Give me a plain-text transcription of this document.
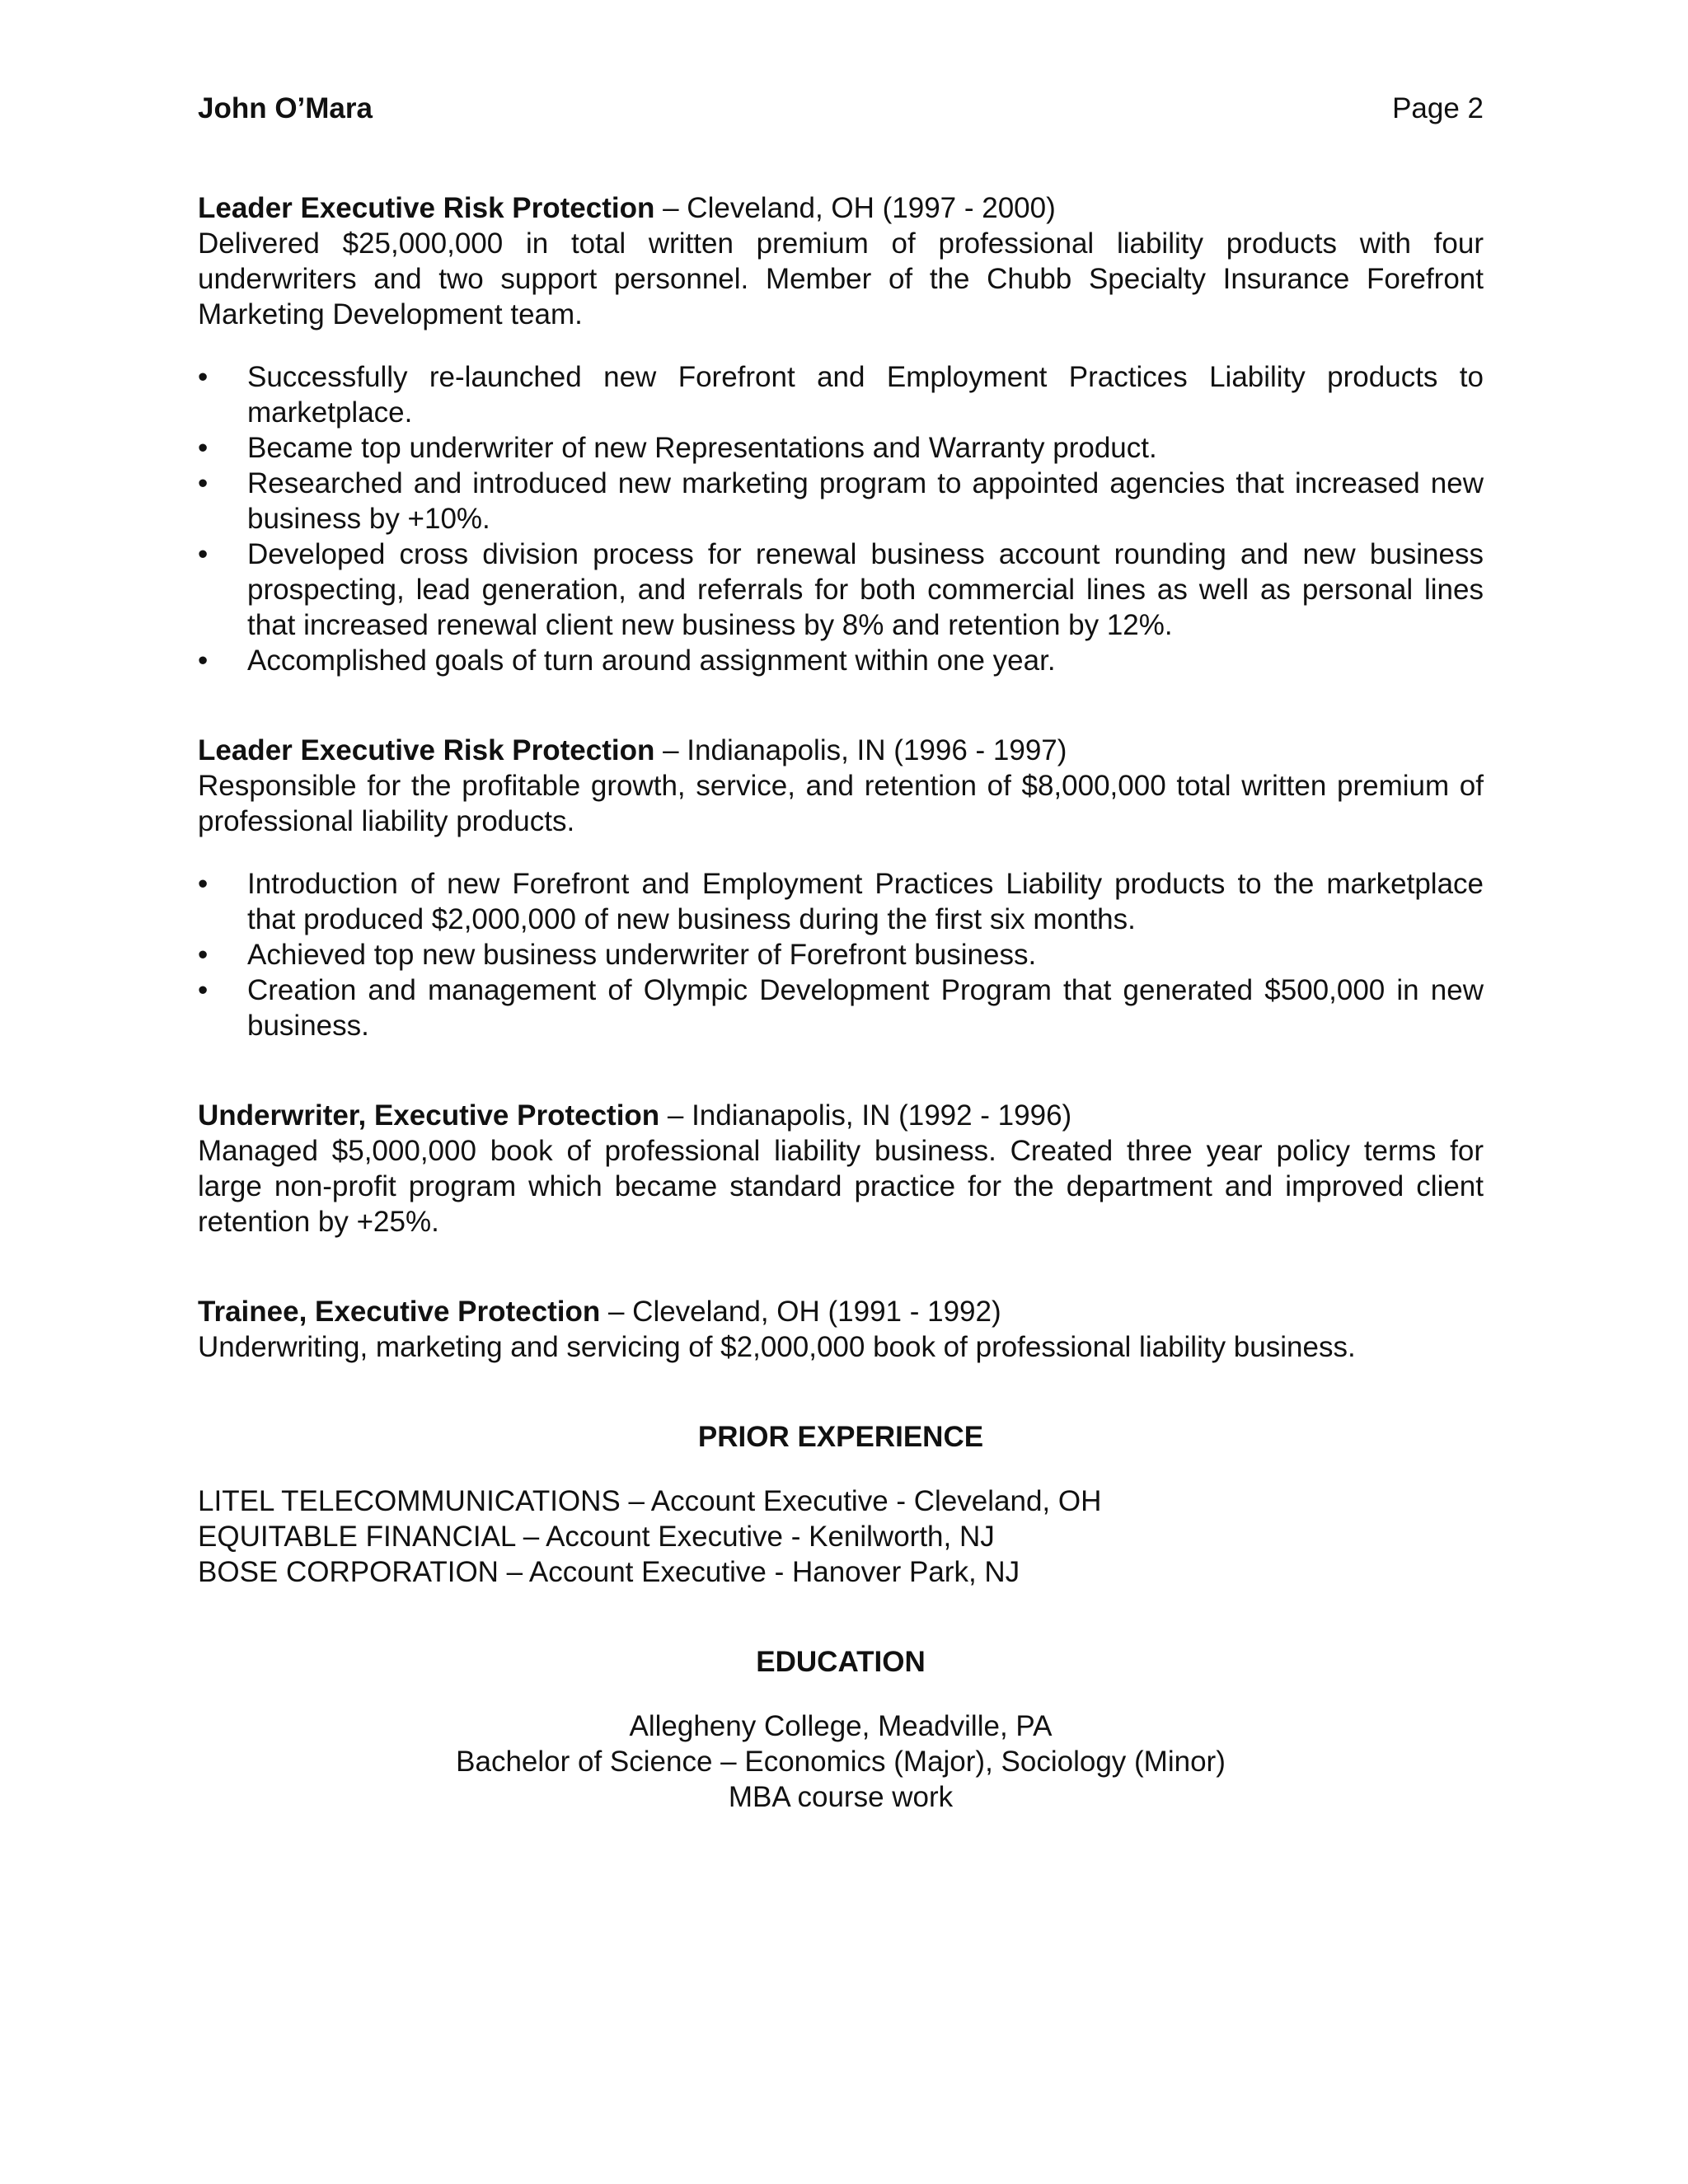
John O’Mara	Page 2
Leader Executive Risk Protection – Cleveland, OH (1997 - 2000)
Delivered $25,000,000 in total written premium of professional liability products with four underwriters and two support personnel. Member of the Chubb Specialty Insurance Forefront Marketing Development team.
• Successfully re-launched new Forefront and Employment Practices Liability products to marketplace.
• Became top underwriter of new Representations and Warranty product.
• Researched and introduced new marketing program to appointed agencies that increased new business by +10%.
• Developed cross division process for renewal business account rounding and new business prospecting, lead generation, and referrals for both commercial lines as well as personal lines that increased renewal client new business by 8% and retention by 12%.
• Accomplished goals of turn around assignment within one year.
Leader Executive Risk Protection – Indianapolis, IN (1996 - 1997)
Responsible for the profitable growth, service, and retention of $8,000,000 total written premium of professional liability products.
• Introduction of new Forefront and Employment Practices Liability products to the marketplace that produced $2,000,000 of new business during the first six months.
• Achieved top new business underwriter of Forefront business.
• Creation and management of Olympic Development Program that generated $500,000 in new business.
Underwriter, Executive Protection – Indianapolis, IN (1992 - 1996)
Managed $5,000,000 book of professional liability business. Created three year policy terms for large non-profit program which became standard practice for the department and improved client retention by +25%.
Trainee, Executive Protection – Cleveland, OH (1991 - 1992)
Underwriting, marketing and servicing of $2,000,000 book of professional liability business.
PRIOR EXPERIENCE
LITEL TELECOMMUNICATIONS – Account Executive - Cleveland, OH
EQUITABLE FINANCIAL – Account Executive - Kenilworth, NJ
BOSE CORPORATION – Account Executive - Hanover Park, NJ
EDUCATION
Allegheny College, Meadville, PA
Bachelor of Science – Economics (Major), Sociology (Minor)
MBA course work
